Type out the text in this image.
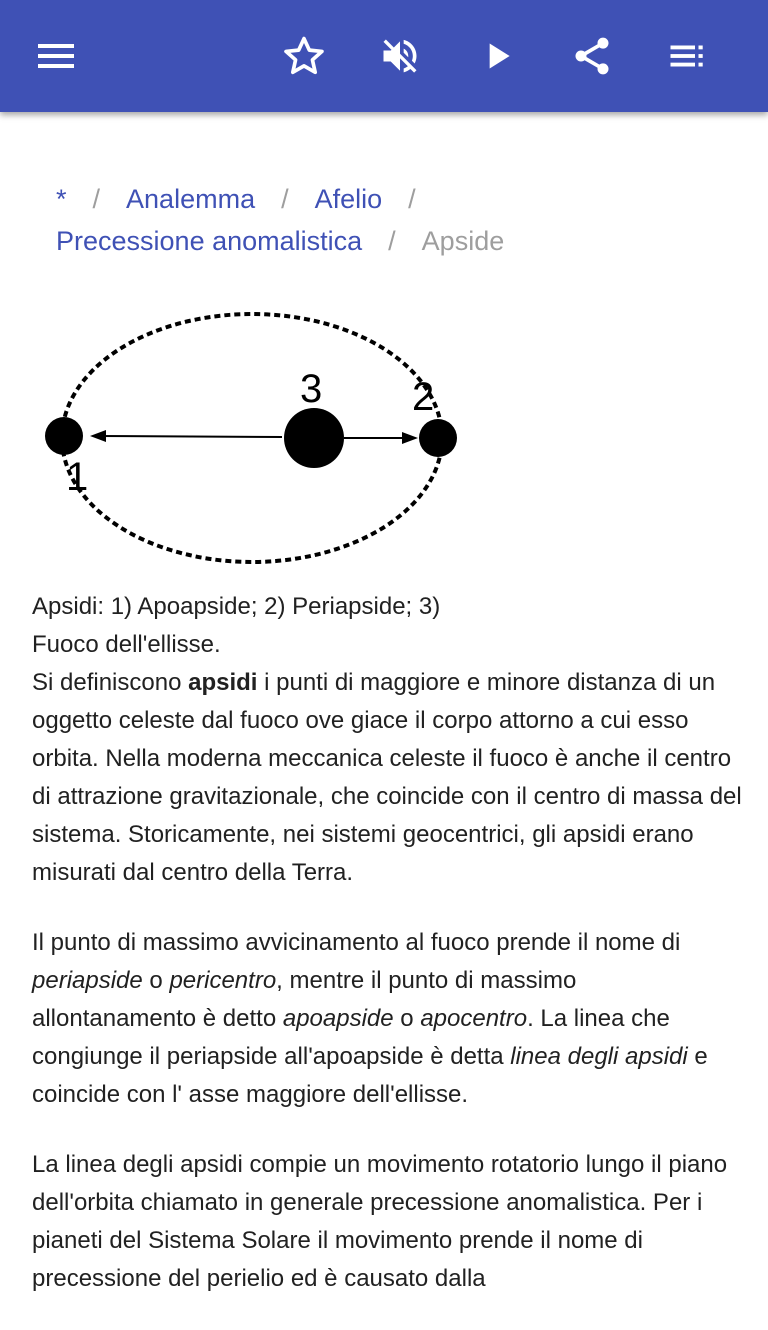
* / Analemma / Afelio /
Precessione anomalistica / Apside
1
2
3
Apsidi: 1) Apoapside; 2) Periapside; 3)
Fuoco dell'ellisse.

Si definiscono apsidi i punti di maggiore e minore distanza di un oggetto celeste dal fuoco ove giace il corpo attorno a cui esso orbita. Nella moderna meccanica celeste il fuoco è anche il centro di attrazione gravitazionale, che coincide con il centro di massa del sistema. Storicamente, nei sistemi geocentrici, gli apsidi erano misurati dal centro della Terra.

Il punto di massimo avvicinamento al fuoco prende il nome di periapside o pericentro, mentre il punto di massimo allontanamento è detto apoapside o apocentro. La linea che congiunge il periapside all'apoapside è detta linea degli apsidi e coincide con l' asse maggiore dell'ellisse.

La linea degli apsidi compie un movimento rotatorio lungo il piano dell'orbita chiamato in generale precessione anomalistica. Per i pianeti del Sistema Solare il movimento prende il nome di precessione del perielio ed è causato dalla
